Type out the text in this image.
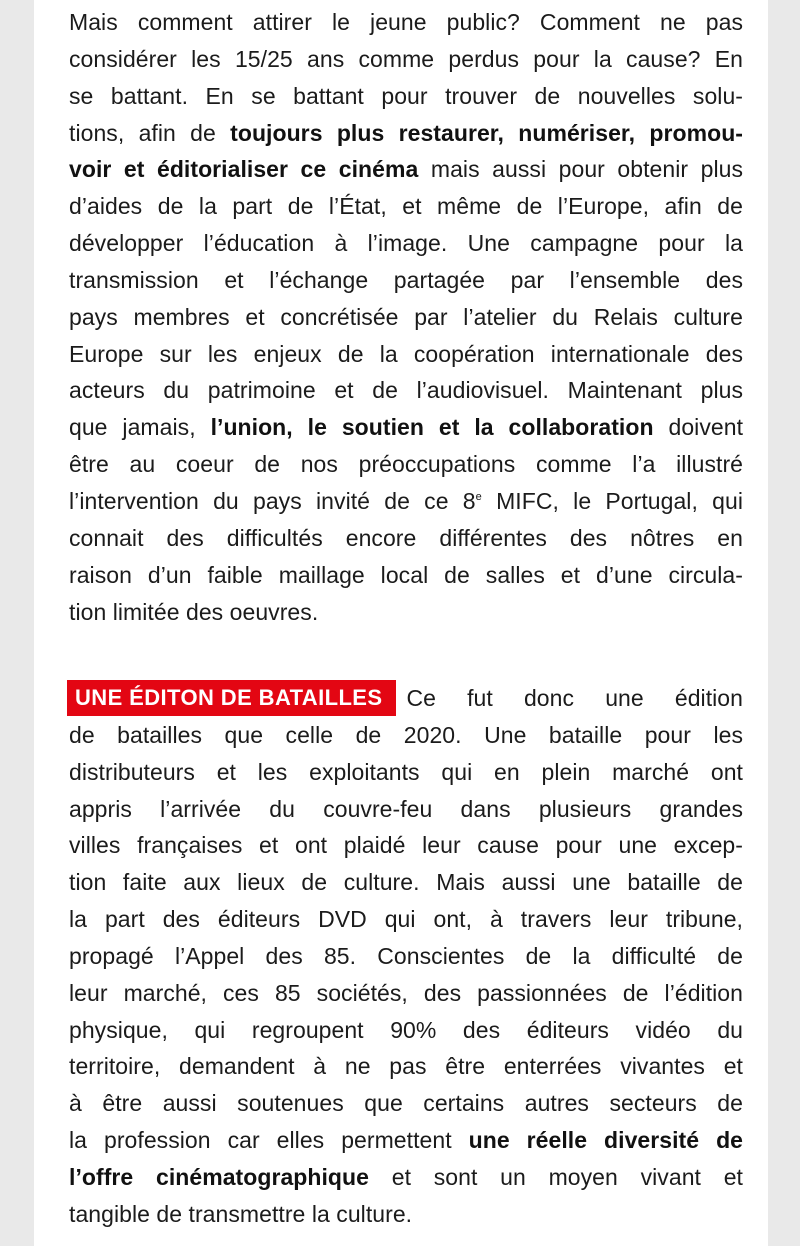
Mais comment attirer le jeune public? Comment ne pas
considérer les 15/25 ans comme perdus pour la cause? En
se battant. En se battant pour trouver de nouvelles solu-
tions, afin de toujours plus restaurer, numériser, promou-
voir et éditorialiser ce cinéma mais aussi pour obtenir plus
d’aides de la part de l’État, et même de l’Europe, afin de
développer l’éducation à l’image. Une campagne pour la
transmission et l’échange partagée par l’ensemble des
pays membres et concrétisée par l’atelier du Relais culture
Europe sur les enjeux de la coopération internationale des
acteurs du patrimoine et de l’audiovisuel. Maintenant plus
que jamais, l’union, le soutien et la collaboration doivent
être au coeur de nos préoccupations comme l’a illustré
l’intervention du pays invité de ce 8e MIFC, le Portugal, qui
connait des difficultés encore différentes des nôtres en
raison d’un faible maillage local de salles et d’une circula-
tion limitée des oeuvres.
UNE ÉDITON DE BATAILLES Ce fut donc une édition
de batailles que celle de 2020. Une bataille pour les
distributeurs et les exploitants qui en plein marché ont
appris l’arrivée du couvre-feu dans plusieurs grandes
villes françaises et ont plaidé leur cause pour une excep-
tion faite aux lieux de culture. Mais aussi une bataille de
la part des éditeurs DVD qui ont, à travers leur tribune,
propagé l’Appel des 85. Conscientes de la difficulté de
leur marché, ces 85 sociétés, des passionnées de l’édition
physique, qui regroupent 90% des éditeurs vidéo du
territoire, demandent à ne pas être enterrées vivantes et
à être aussi soutenues que certains autres secteurs de
la profession car elles permettent une réelle diversité de
l’offre cinématographique et sont un moyen vivant et
tangible de transmettre la culture.
